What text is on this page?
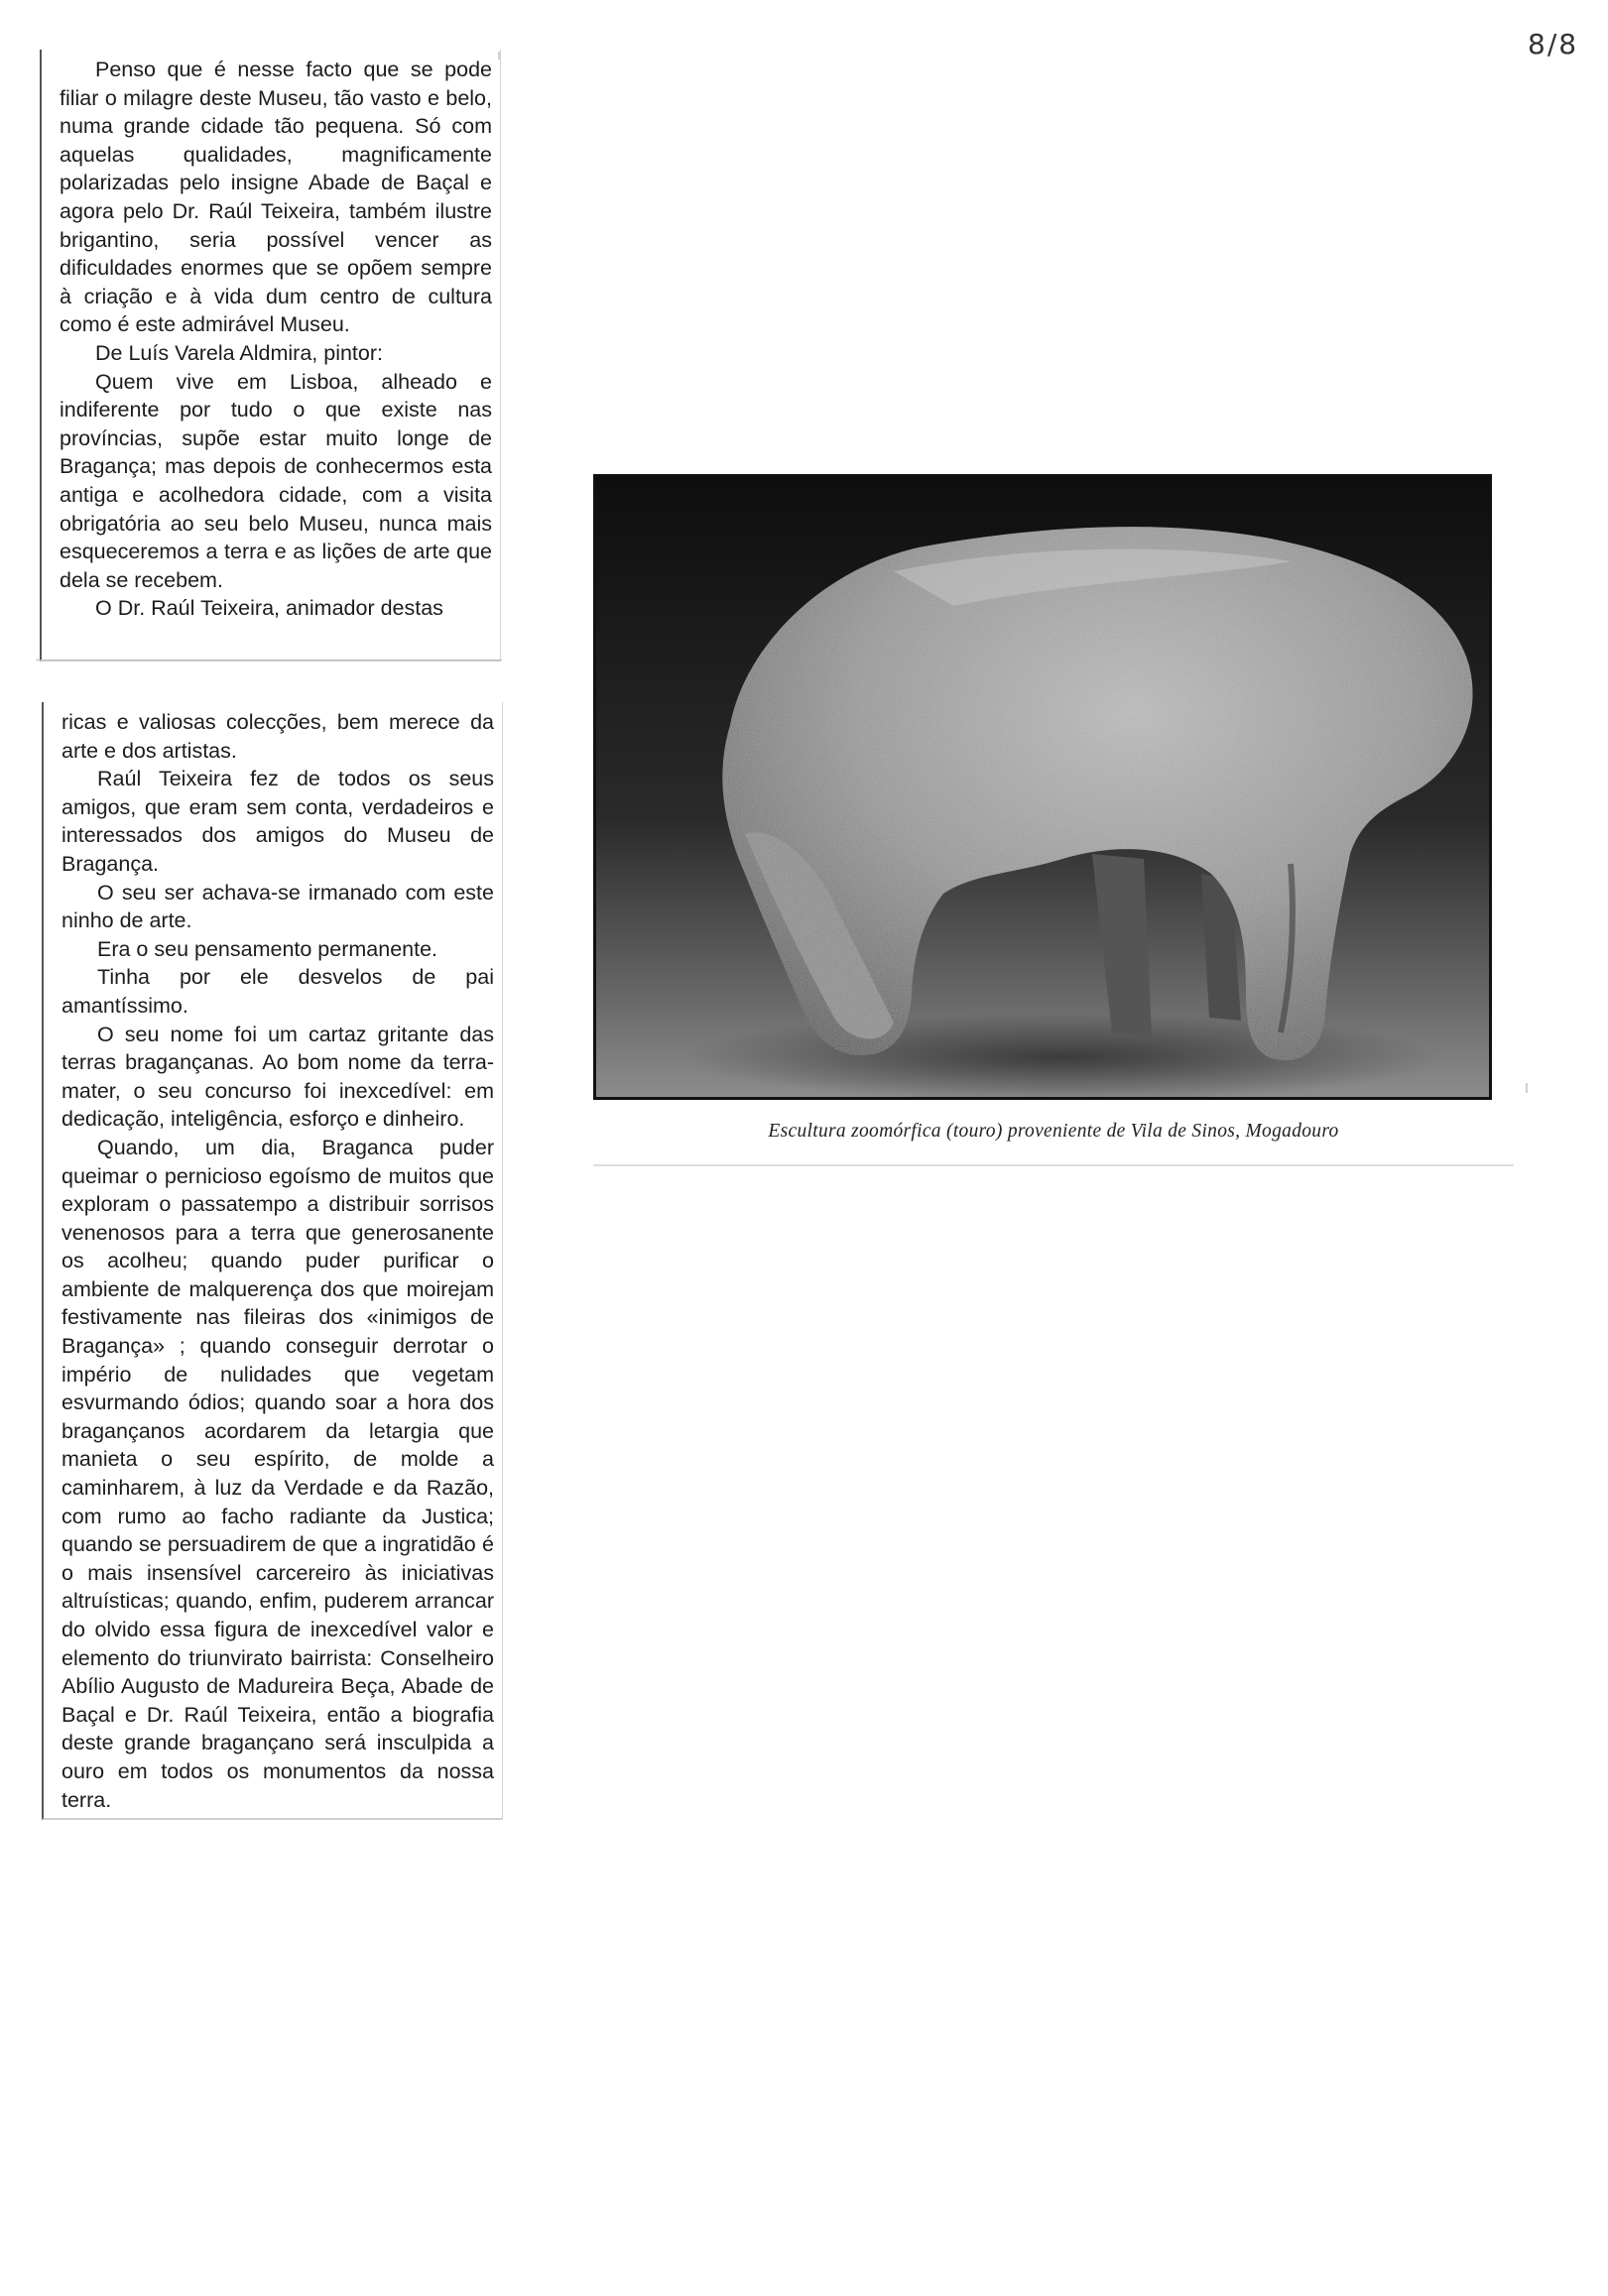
8/8

Penso que é nesse facto que se pode filiar o milagre deste Museu, tão vasto e belo, numa grande cidade tão pequena. Só com aquelas qualidades, magnificamente polarizadas pelo insigne Abade de Baçal e agora pelo Dr. Raúl Teixeira, também ilustre brigantino, seria possível vencer as dificuldades enormes que se opõem sempre à criação e à vida dum centro de cultura como é este admirável Museu.

De Luís Varela Aldmira, pintor:

Quem vive em Lisboa, alheado e indiferente por tudo o que existe nas províncias, supõe estar muito longe de Bragança; mas depois de conhecermos esta antiga e acolhedora cidade, com a visita obrigatória ao seu belo Museu, nunca mais esqueceremos a terra e as lições de arte que dela se recebem.

O Dr. Raúl Teixeira, animador destas

ricas e valiosas colecções, bem merece da arte e dos artistas.

Raúl Teixeira fez de todos os seus amigos, que eram sem conta, verdadeiros e interessados dos amigos do Museu de Bragança.

O seu ser achava-se irmanado com este ninho de arte.

Era o seu pensamento permanente.

Tinha por ele desvelos de pai amantíssimo.

O seu nome foi um cartaz gritante das terras bragançanas. Ao bom nome da terra-mater, o seu concurso foi inexcedível: em dedicação, inteligência, esforço e dinheiro.

Quando, um dia, Braganca puder queimar o pernicioso egoísmo de muitos que exploram o passatempo a distribuir sorrisos venenosos para a terra que generosanente os acolheu; quando puder purificar o ambiente de malquerença dos que moirejam festivamente nas fileiras dos «inimigos de Bragança» ; quando conseguir derrotar o império de nulidades que vegetam esvurmando ódios; quando soar a hora dos bragançanos acordarem da letargia que manieta o seu espírito, de molde a caminharem, à luz da Verdade e da Razão, com rumo ao facho radiante da Justica; quando se persuadirem de que a ingratidão é o mais insensível carcereiro às iniciativas altruísticas; quando, enfim, puderem arrancar do olvido essa figura de inexcedível valor e elemento do triunvirato bairrista: Conselheiro Abílio Augusto de Madureira Beça, Abade de Baçal e Dr. Raúl Teixeira, então a biografia deste grande bragançano será insculpida a ouro em todos os monumentos da nossa terra.

Escultura zoomórfica (touro) proveniente de Vila de Sinos, Mogadouro
